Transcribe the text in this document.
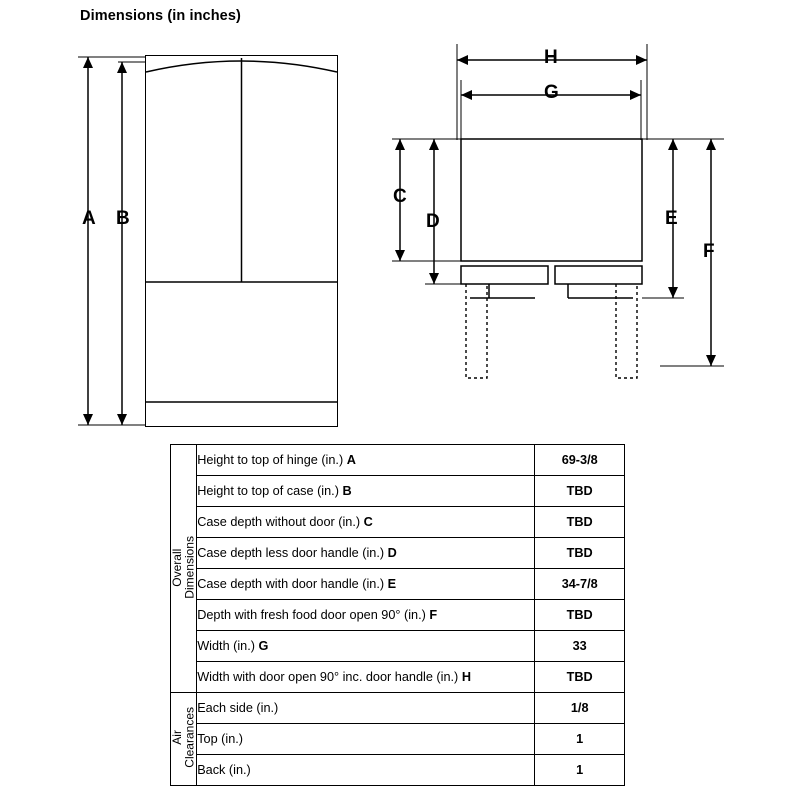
Dimensions (in inches)
A B
C
D	E
F
G
H
Overall
Dimensions	Height to top of hinge (in.) A	69-3/8
	Height to top of case (in.) B	TBD
	Case depth without door (in.) C	TBD
	Case depth less door handle (in.) D	TBD
	Case depth with door handle (in.) E	34-7/8
	Depth with fresh food door open 90° (in.) F	TBD
	Width (in.) G	33
	Width with door open 90° inc. door handle (in.) H	TBD
Air
Clearances	Each side (in.)	1/8
	Top (in.)	1
	Back (in.)	1
